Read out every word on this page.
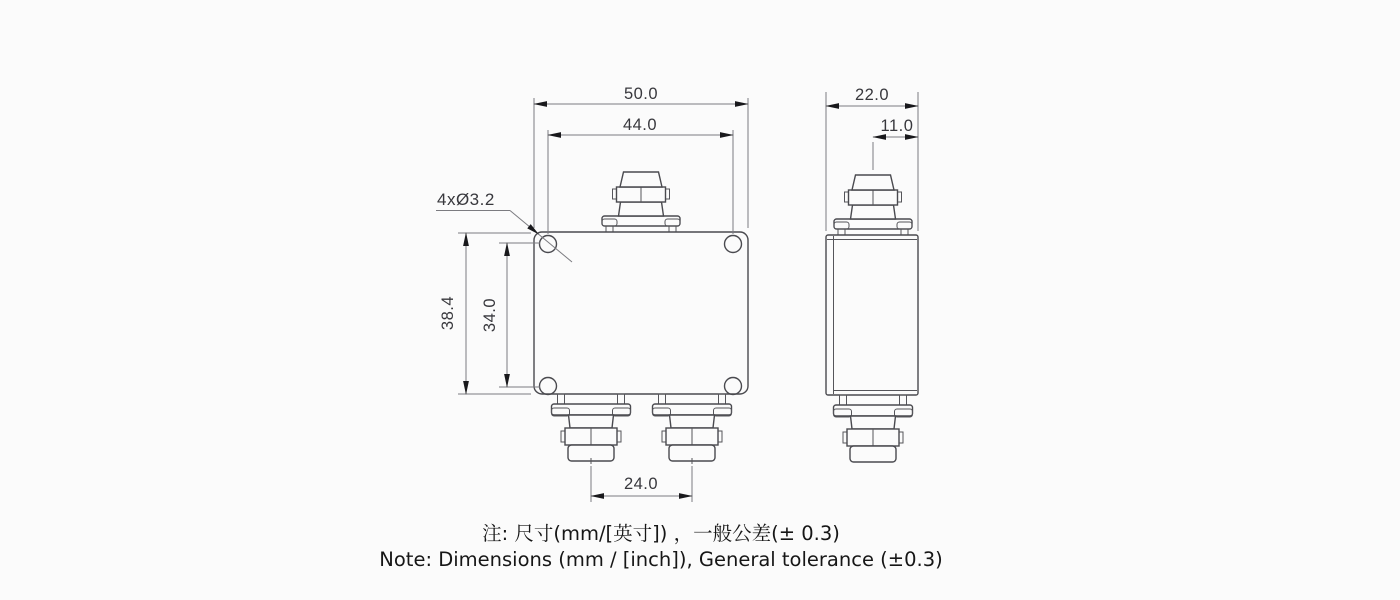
50.0
44.0
22.0
11.0
38.4 34.0
24.0
4xØ3.2
注: 尺寸(mm/[英寸]) ，一般公差(± 0.3)
Note: Dimensions (mm / [inch]), General tolerance (±0.3)
